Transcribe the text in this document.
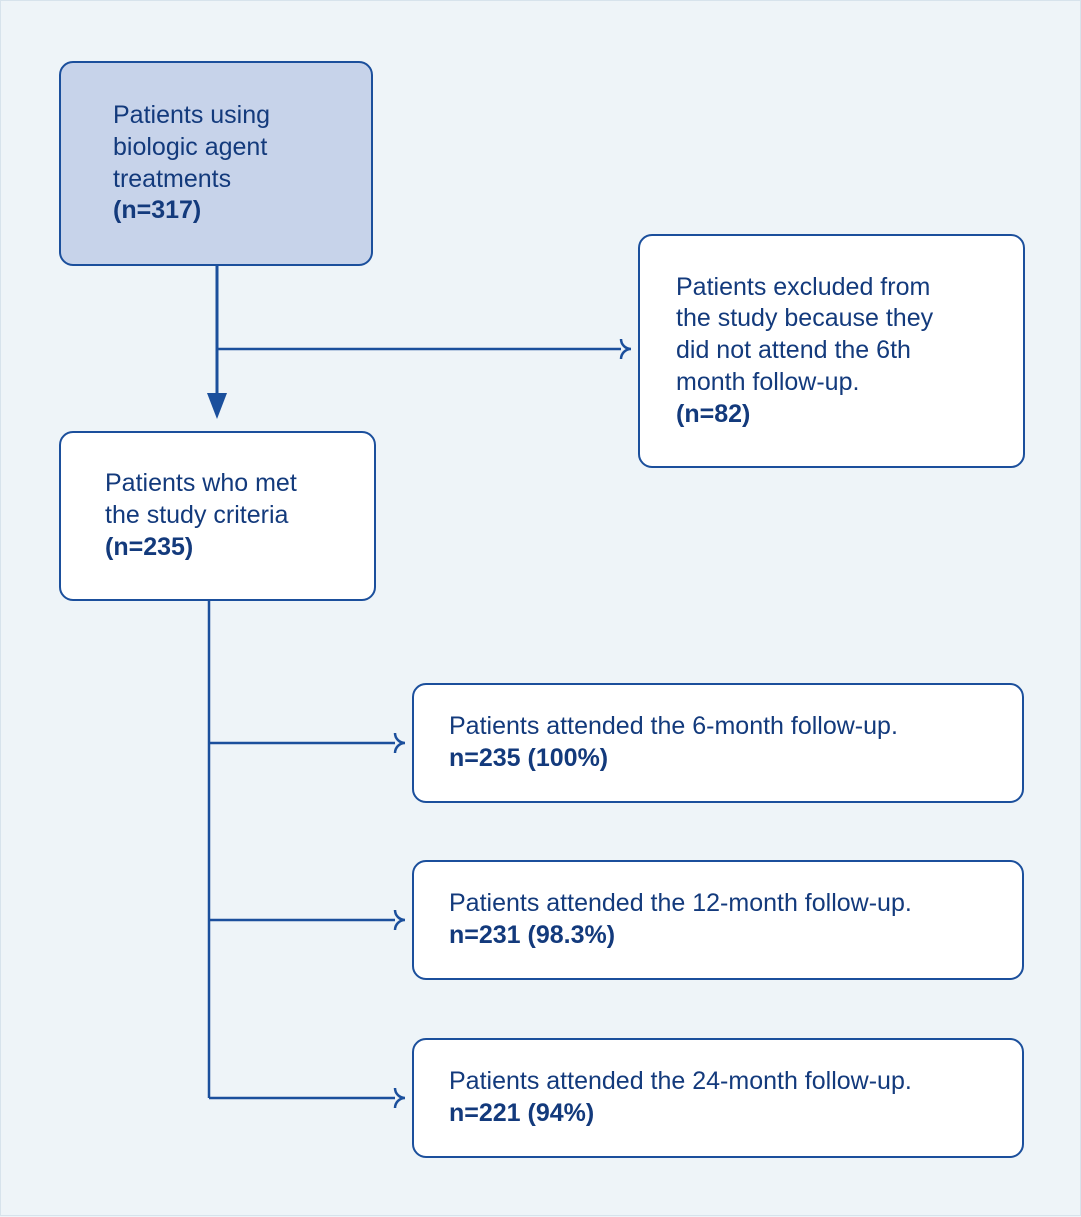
Patients using
biologic agent
treatments
(n=317)
Patients excluded from
the study because they
did not attend the 6th
month follow-up.
(n=82)
Patients who met
the study criteria
(n=235)
Patients attended the 6-month follow-up.
n=235 (100%)
Patients attended the 12-month follow-up.
n=231 (98.3%)
Patients attended the 24-month follow-up.
n=221 (94%)
